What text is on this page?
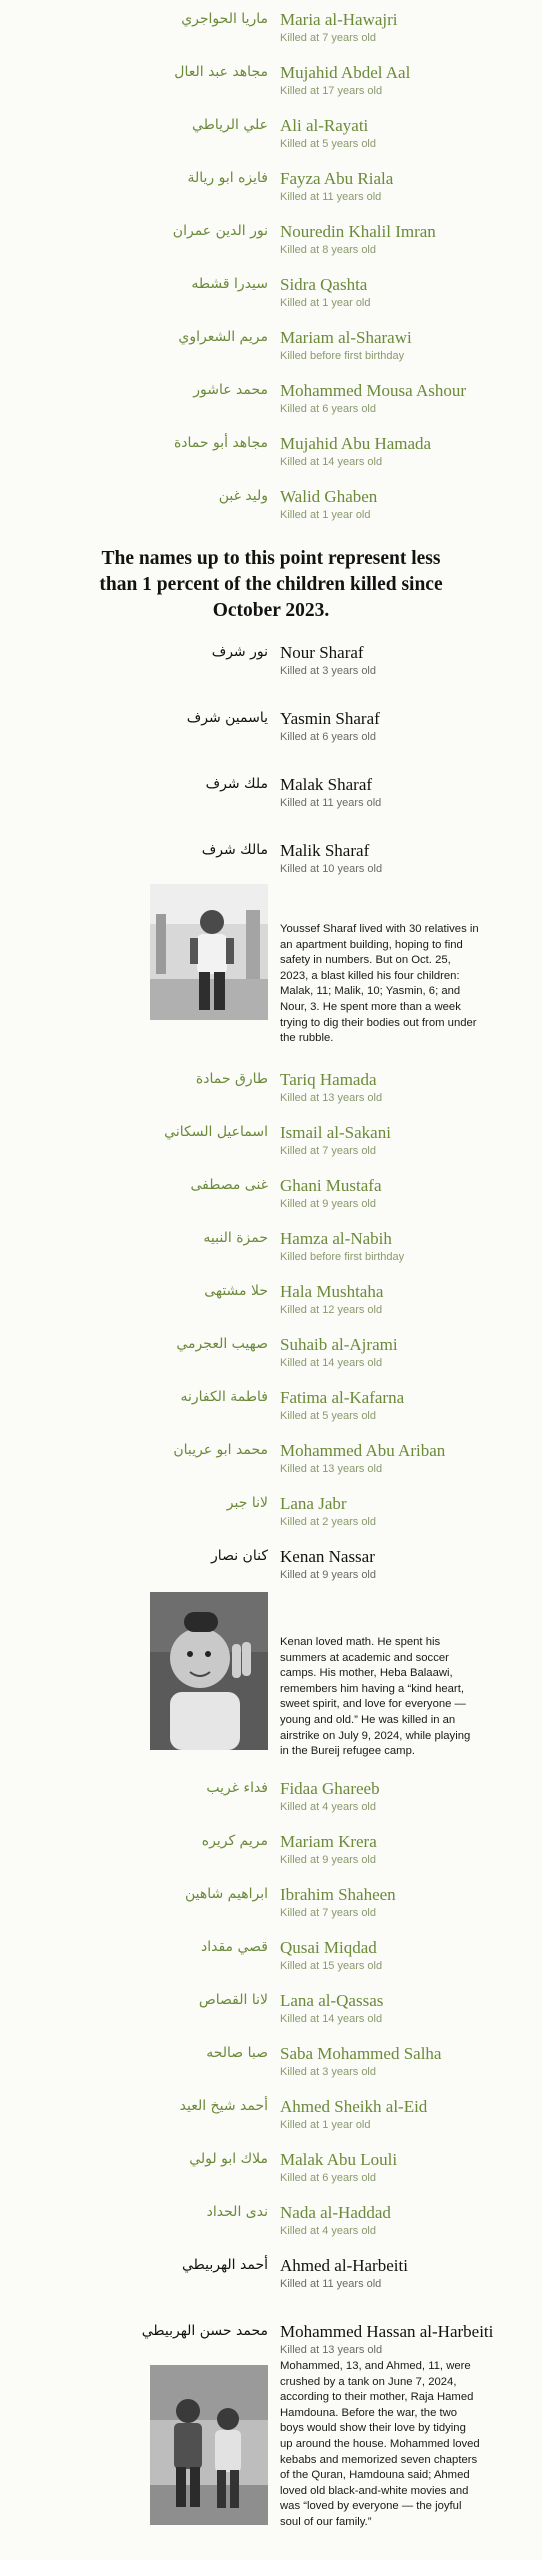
ماريا الحواجري Maria al-Hawajri
Killed at 7 years old
مجاهد عبد العال Mujahid Abdel Aal
Killed at 17 years old
علي الرياطي Ali al-Rayati
Killed at 5 years old
فايزه ابو ريالة Fayza Abu Riala
Killed at 11 years old
نور الدين عمران Nouredin Khalil Imran
Killed at 8 years old
سيدرا قشطه Sidra Qashta
Killed at 1 year old
مريم الشعراوي Mariam al-Sharawi
Killed before first birthday
محمد عاشور Mohammed Mousa Ashour
Killed at 6 years old
مجاهد أبو حمادة Mujahid Abu Hamada
Killed at 14 years old
وليد غبن Walid Ghaben
Killed at 1 year old

The names up to this point represent less than 1 percent of the children killed since October 2023.

نور شرف Nour Sharaf
Killed at 3 years old
ياسمين شرف Yasmin Sharaf
Killed at 6 years old
ملك شرف Malak Sharaf
Killed at 11 years old
مالك شرف Malik Sharaf
Killed at 10 years old

Youssef Sharaf lived with 30 relatives in an apartment building, hoping to find safety in numbers. But on Oct. 25, 2023, a blast killed his four children: Malak, 11; Malik, 10; Yasmin, 6; and Nour, 3. He spent more than a week trying to dig their bodies out from under the rubble.

طارق حمادة Tariq Hamada
Killed at 13 years old
اسماعيل السكاني Ismail al-Sakani
Killed at 7 years old
غنى مصطفى Ghani Mustafa
Killed at 9 years old
حمزة النبيه Hamza al-Nabih
Killed before first birthday
حلا مشتهى Hala Mushtaha
Killed at 12 years old
صهيب العجرمي Suhaib al-Ajrami
Killed at 14 years old
فاطمة الكفارنه Fatima al-Kafarna
Killed at 5 years old
محمد ابو عريبان Mohammed Abu Ariban
Killed at 13 years old
لانا جبر Lana Jabr
Killed at 2 years old
كنان نصار Kenan Nassar
Killed at 9 years old

Kenan loved math. He spent his summers at academic and soccer camps. His mother, Heba Balaawi, remembers him having a “kind heart, sweet spirit, and love for everyone — young and old.” He was killed in an airstrike on July 9, 2024, while playing in the Bureij refugee camp.

فداء غريب Fidaa Ghareeb
Killed at 4 years old
مريم كريره Mariam Krera
Killed at 9 years old
ابراهيم شاهين Ibrahim Shaheen
Killed at 7 years old
قصي مقداد Qusai Miqdad
Killed at 15 years old
لانا القصاص Lana al-Qassas
Killed at 14 years old
صبا صالحه Saba Mohammed Salha
Killed at 3 years old
أحمد شيخ العيد Ahmed Sheikh al-Eid
Killed at 1 year old
ملاك ابو لولي Malak Abu Louli
Killed at 6 years old
ندى الحداد Nada al-Haddad
Killed at 4 years old
أحمد الهربيطي Ahmed al-Harbeiti
Killed at 11 years old
محمد حسن الهربيطي Mohammed Hassan al-Harbeiti
Killed at 13 years old

Mohammed, 13, and Ahmed, 11, were crushed by a tank on June 7, 2024, according to their mother, Raja Hamed Hamdouna. Before the war, the two boys would show their love by tidying up around the house. Mohammed loved kebabs and memorized seven chapters of the Quran, Hamdouna said; Ahmed loved old black-and-white movies and was “loved by everyone — the joyful soul of our family.”
